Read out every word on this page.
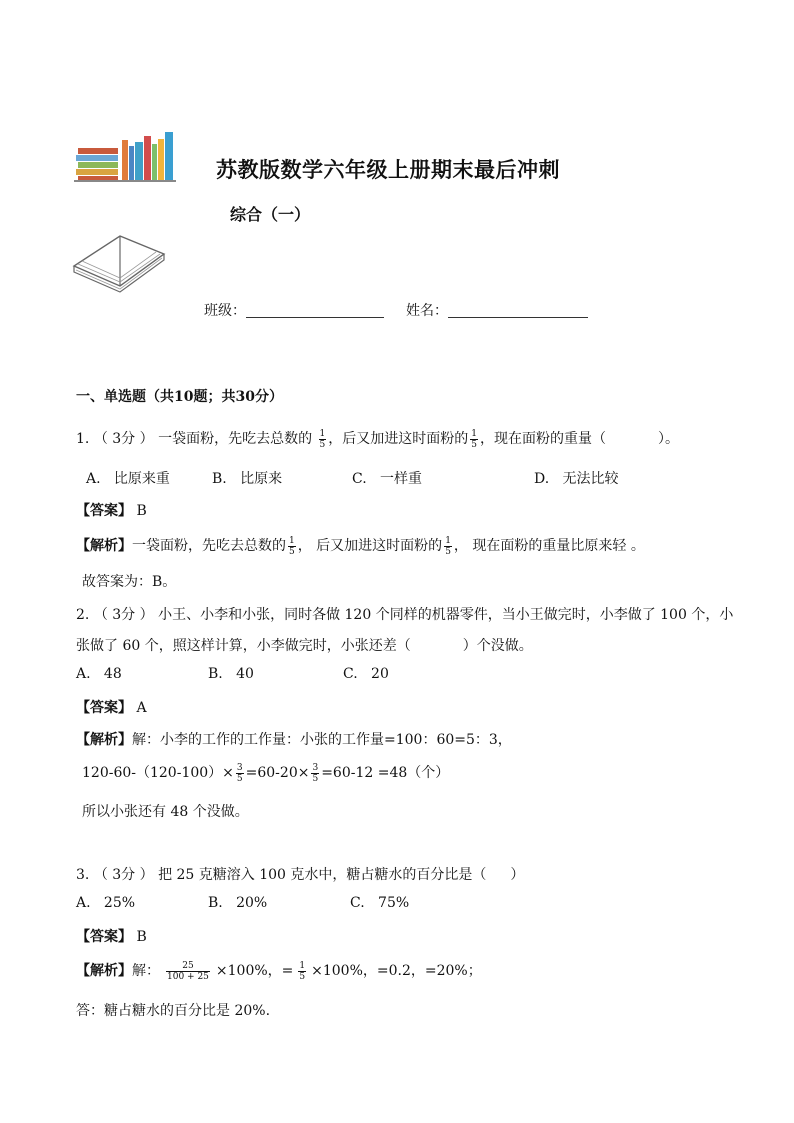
苏教版数学六年级上册期末最后冲刺
综合（一）
班级：	姓名：
一、单选题（共10题；共30分）
1. （ 3分 ） 一袋面粉，先吃去总数的 $\frac{1}{5}$ ，后又加进这时面粉的 $\frac{1}{5}$ ，现在面粉的重量（	）。
A. 比原来重	B. 比原来	C. 一样重	D. 无法比较
【答案】 B
【解析】一袋面粉，先吃去总数的 $\frac{1}{5}$ ， 后又加进这时面粉的 $\frac{1}{5}$ ， 现在面粉的重量比原来轻 。
故答案为：B。
2. （ 3分 ） 小王、小李和小张，同时各做 120 个同样的机器零件，当小王做完时，小李做了 100 个，小
张做了 60 个，照这样计算，小李做完时，小张还差（	）个没做。
A. 48	B. 40	C. 20
【答案】 A
【解析】解：小李的工作的工作量：小张的工作量=100：60=5：3，
$120-60-(120-100)\times \frac{3}{5} =60-20\times \frac{3}{5} =60-12 =48$（个）
所以小张还有 48 个没做。
3. （ 3分 ） 把 25 克糖溶入 100 克水中，糖占糖水的百分比是（ ）
A. 25%	B. 20%	C. 75%
【答案】 B
【解析】解： $\frac{25}{100 + 25} \times 100\%$，= $\frac{1}{5} \times 100\%$，=0.2，=20%；
答：糖占糖水的百分比是 20%.
